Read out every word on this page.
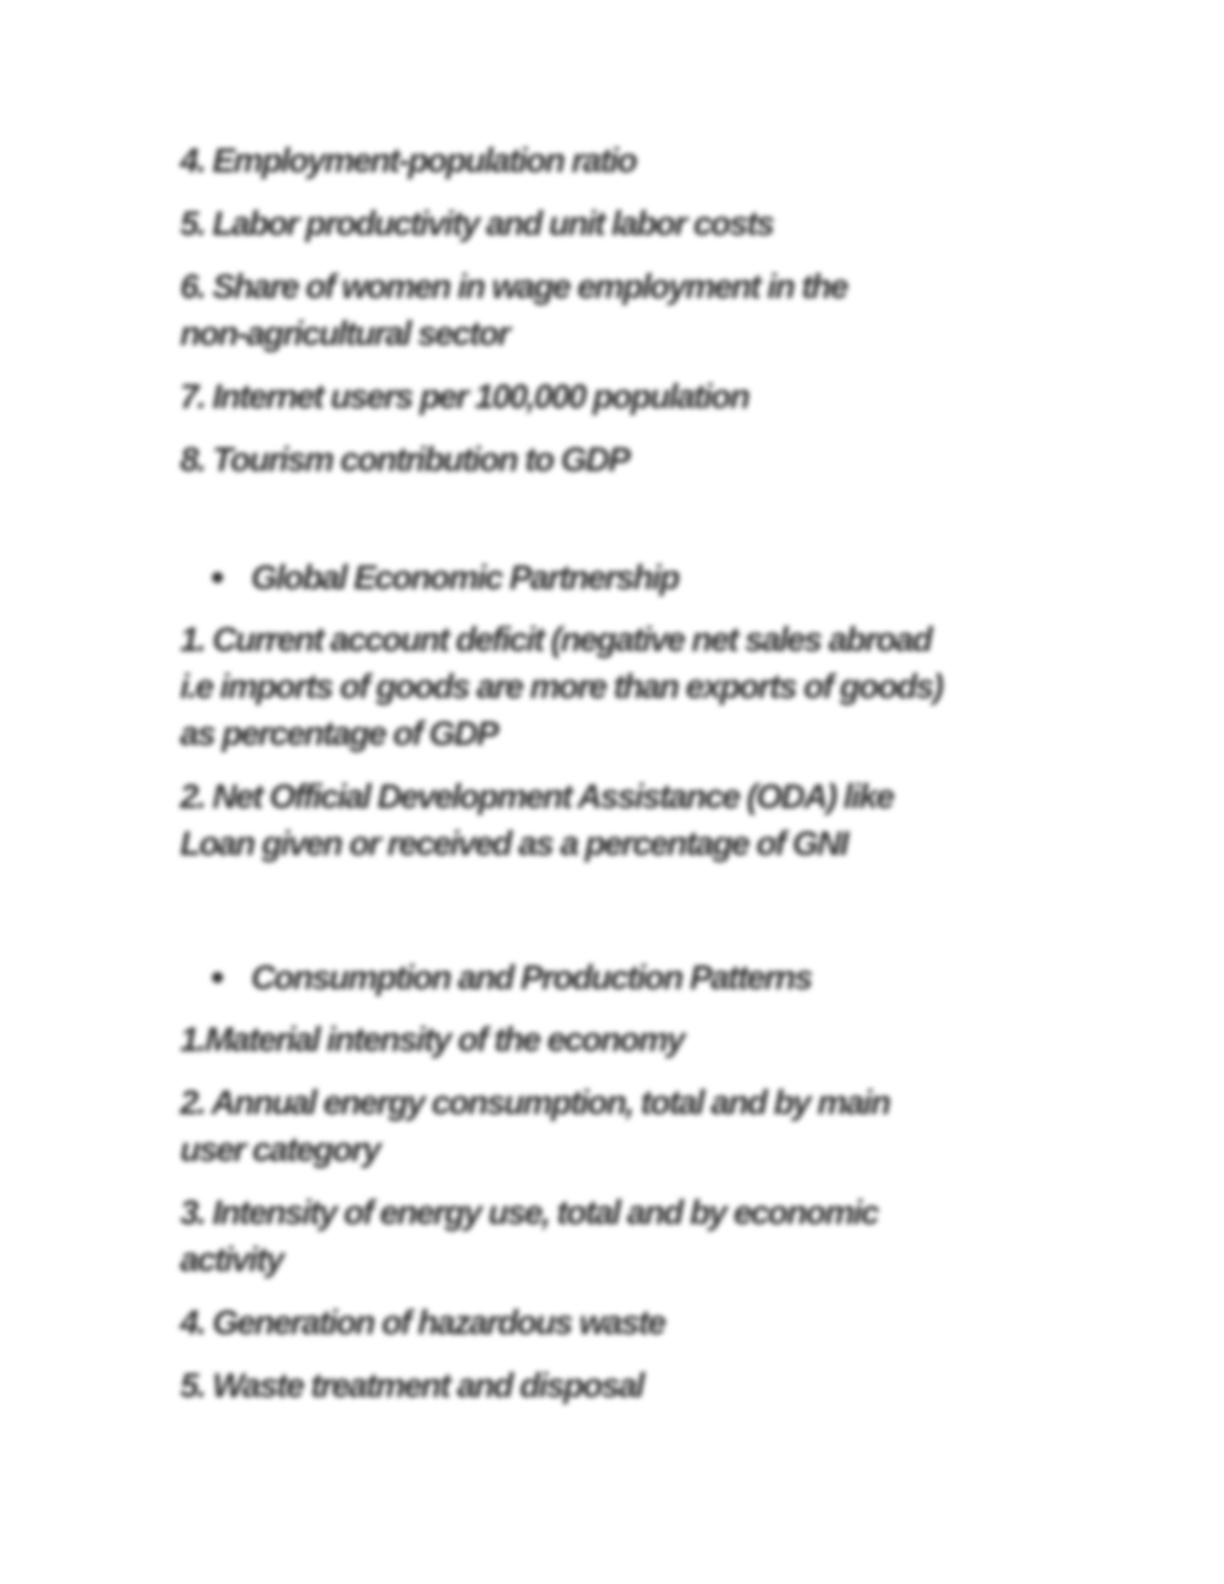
4. Employment-population ratio

5. Labor productivity and unit labor costs

6. Share of women in wage employment in the

non-agricultural sector

7. Internet users per 100,000 population

8. Tourism contribution to GDP

Global Economic Partnership

1. Current account deficit (negative net sales abroad

i.e imports of goods are more than exports of goods)

as percentage of GDP

2. Net Official Development Assistance (ODA) like

Loan given or received as a percentage of GNI

Consumption and Production Patterns

1.Material intensity of the economy

2. Annual energy consumption, total and by main

user category

3. Intensity of energy use, total and by economic

activity

4. Generation of hazardous waste

5. Waste treatment and disposal
